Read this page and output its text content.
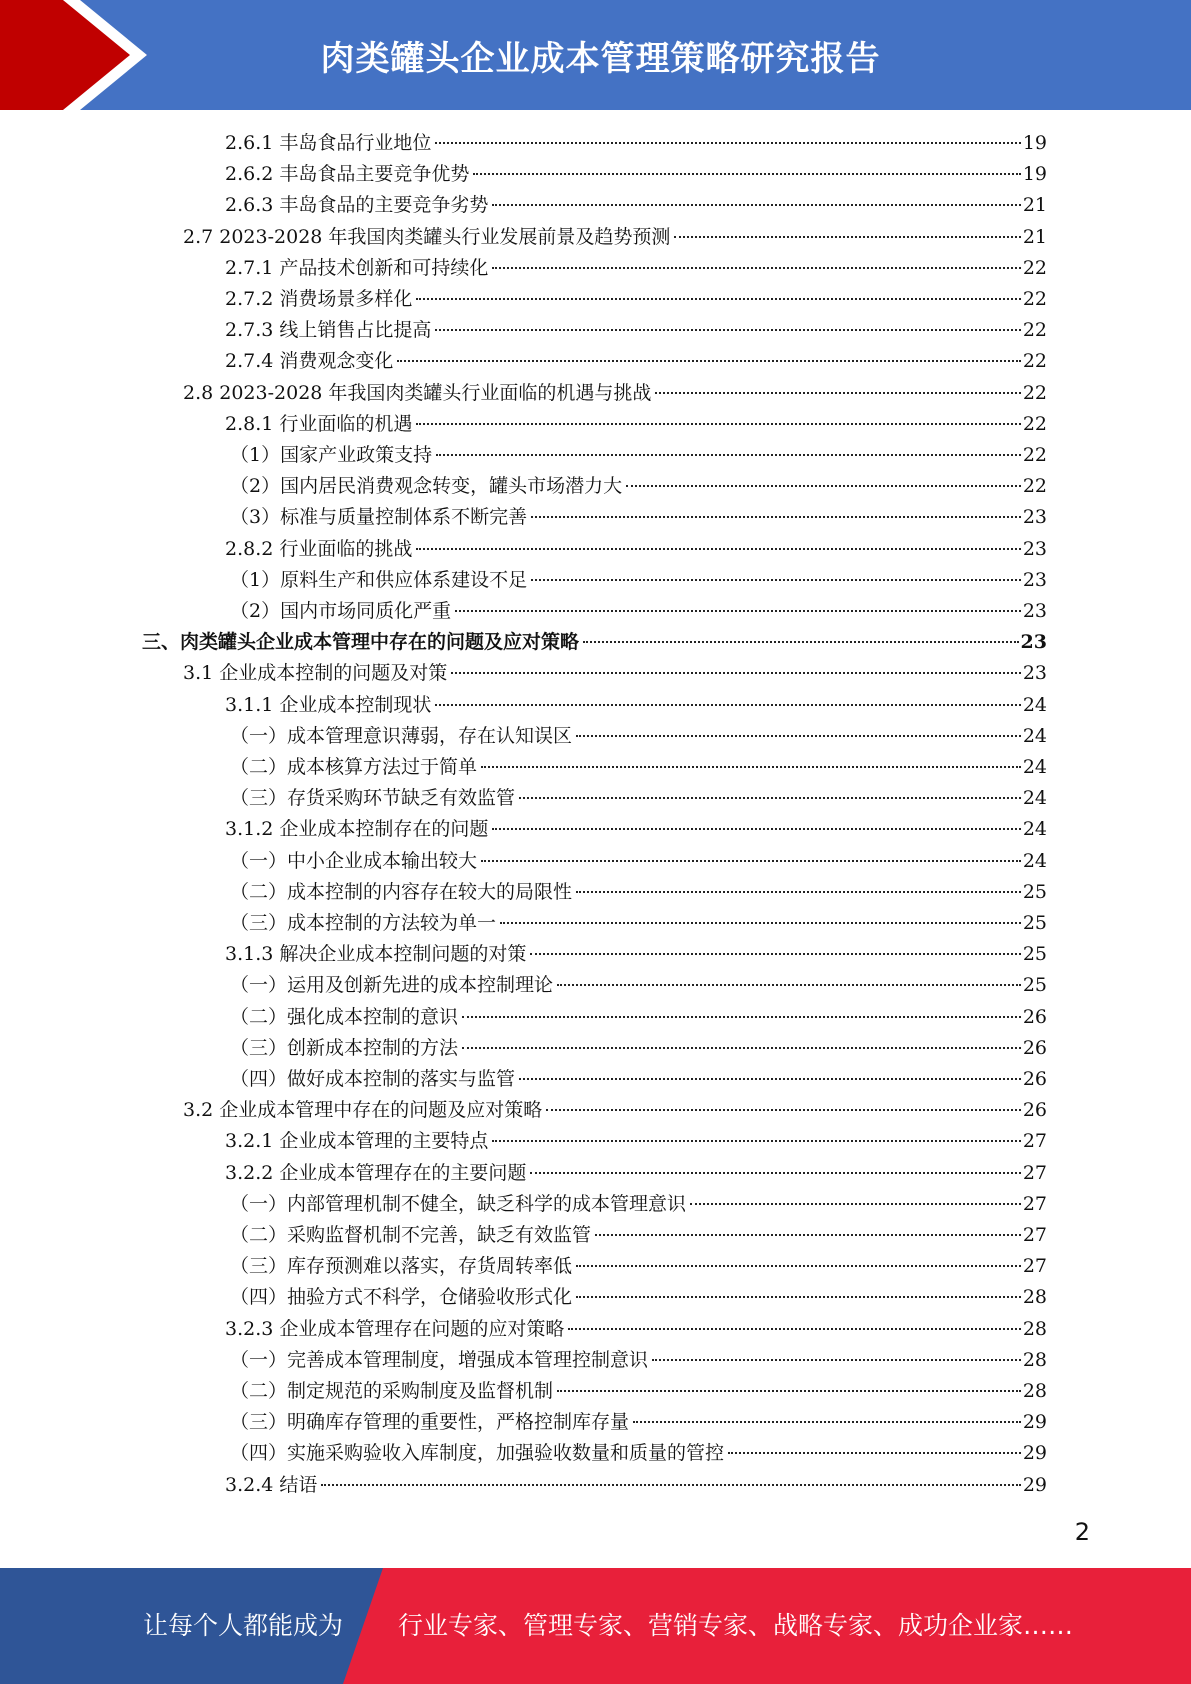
肉类罐头企业成本管理策略研究报告
2.6.1 丰岛食品行业地位	19
2.6.2 丰岛食品主要竞争优势	19
2.6.3 丰岛食品的主要竞争劣势	21
2.7 2023-2028 年我国肉类罐头行业发展前景及趋势预测	21
2.7.1 产品技术创新和可持续化	22
2.7.2 消费场景多样化	22
2.7.3 线上销售占比提高	22
2.7.4 消费观念变化	22
2.8 2023-2028 年我国肉类罐头行业面临的机遇与挑战	22
2.8.1 行业面临的机遇	22
（1）国家产业政策支持	22
（2）国内居民消费观念转变，罐头市场潜力大	22
（3）标准与质量控制体系不断完善	23
2.8.2 行业面临的挑战	23
（1）原料生产和供应体系建设不足	23
（2）国内市场同质化严重	23
三、肉类罐头企业成本管理中存在的问题及应对策略	23
3.1 企业成本控制的问题及对策	23
3.1.1 企业成本控制现状	24
（一）成本管理意识薄弱，存在认知误区	24
（二）成本核算方法过于简单	24
（三）存货采购环节缺乏有效监管	24
3.1.2 企业成本控制存在的问题	24
（一）中小企业成本输出较大	24
（二）成本控制的内容存在较大的局限性	25
（三）成本控制的方法较为单一	25
3.1.3 解决企业成本控制问题的对策	25
（一）运用及创新先进的成本控制理论	25
（二）强化成本控制的意识	26
（三）创新成本控制的方法	26
（四）做好成本控制的落实与监管	26
3.2 企业成本管理中存在的问题及应对策略	26
3.2.1 企业成本管理的主要特点	27
3.2.2 企业成本管理存在的主要问题	27
（一）内部管理机制不健全，缺乏科学的成本管理意识	27
（二）采购监督机制不完善，缺乏有效监管	27
（三）库存预测难以落实，存货周转率低	27
（四）抽验方式不科学，仓储验收形式化	28
3.2.3 企业成本管理存在问题的应对策略	28
（一）完善成本管理制度，增强成本管理控制意识	28
（二）制定规范的采购制度及监督机制	28
（三）明确库存管理的重要性，严格控制库存量	29
（四）实施采购验收入库制度，加强验收数量和质量的管控	29
3.2.4 结语	29
2
让每个人都能成为 行业专家、管理专家、营销专家、战略专家、成功企业家……
